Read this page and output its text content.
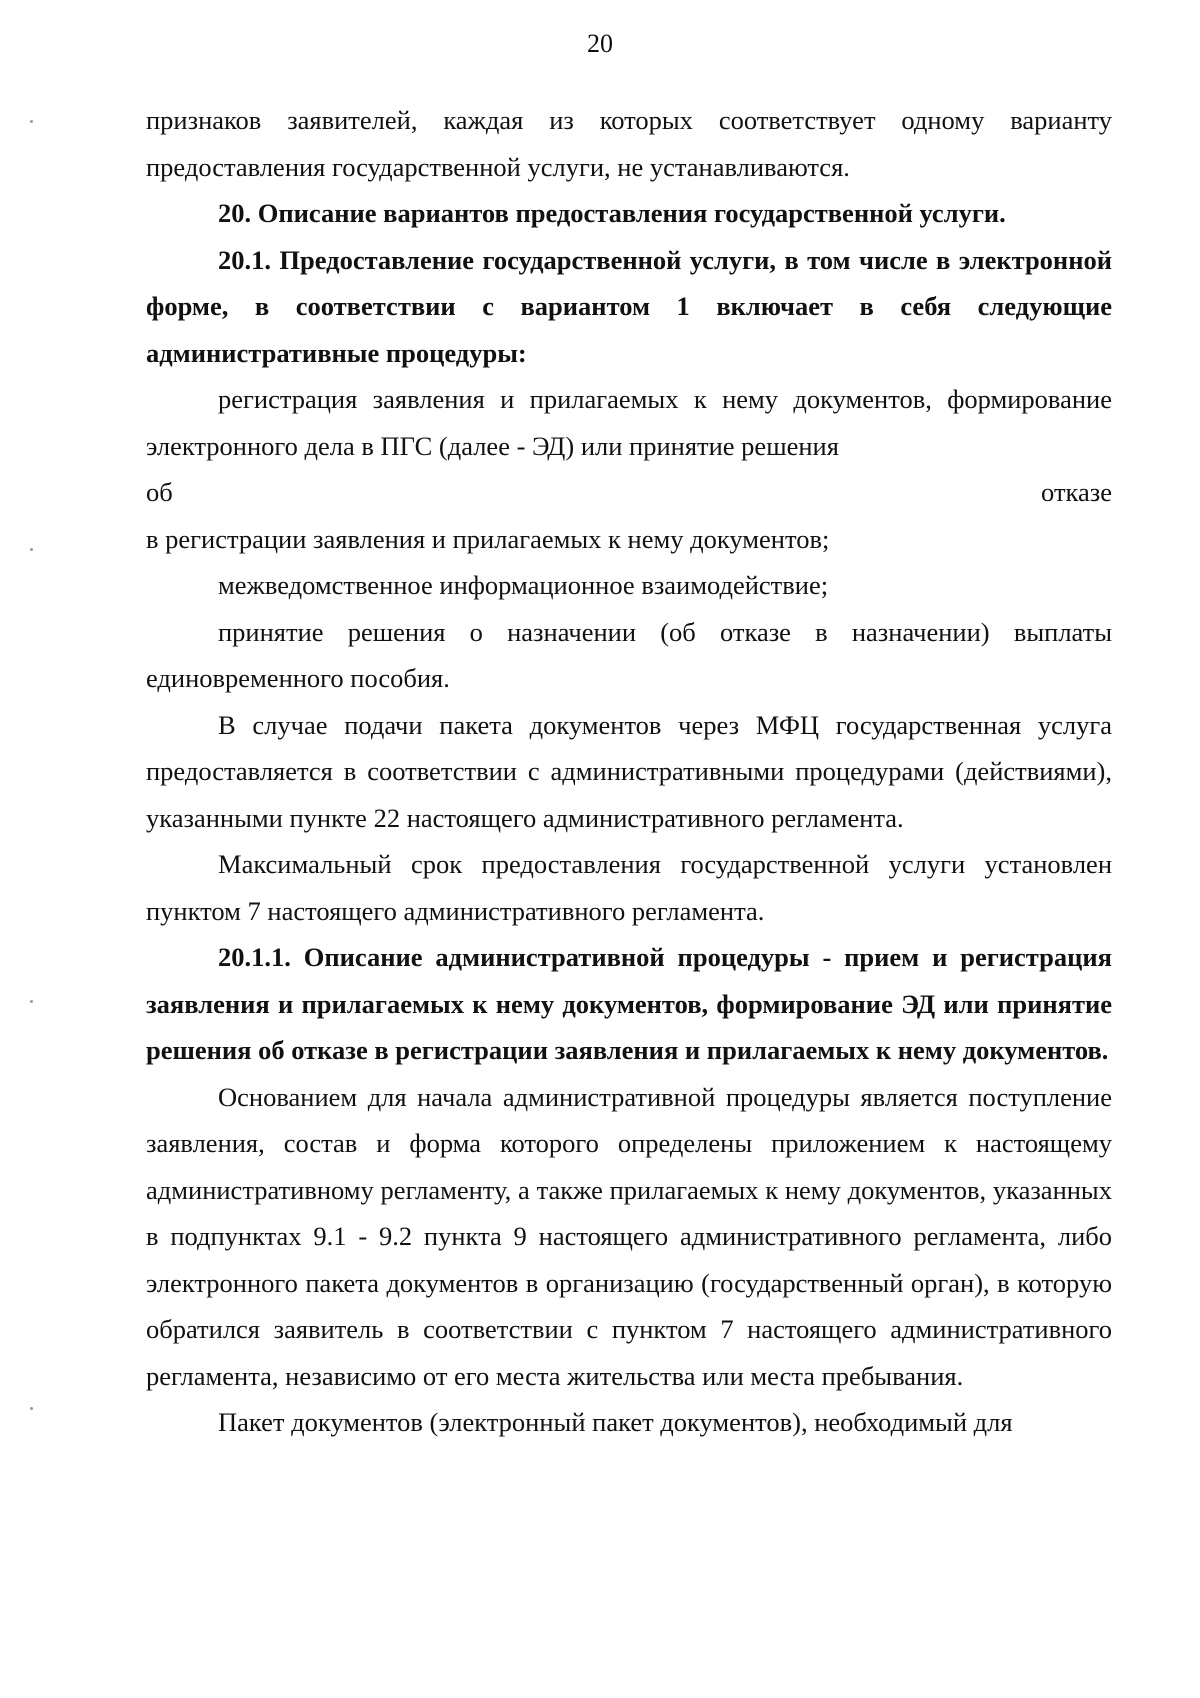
20

признаков заявителей, каждая из которых соответствует одному варианту предоставления государственной услуги, не устанавливаются.

20. Описание вариантов предоставления государственной услуги.

20.1. Предоставление государственной услуги, в том числе в электронной форме, в соответствии с вариантом 1 включает в себя следующие административные процедуры:

регистрация заявления и прилагаемых к нему документов, формирование электронного дела в ПГС (далее - ЭД) или принятие решения

об	отказе

в регистрации заявления и прилагаемых к нему документов;

межведомственное информационное взаимодействие;

принятие решения о назначении (об отказе в назначении) выплаты единовременного пособия.

В случае подачи пакета документов через МФЦ государственная услуга предоставляется в соответствии с административными процедурами (действиями), указанными пункте 22 настоящего административного регламента.

Максимальный срок предоставления государственной услуги установлен пунктом 7 настоящего административного регламента.

20.1.1. Описание административной процедуры - прием и регистрация заявления и прилагаемых к нему документов, формирование ЭД или принятие решения об отказе в регистрации заявления и прилагаемых к нему документов.

Основанием для начала административной процедуры является поступление заявления, состав и форма которого определены приложением к настоящему административному регламенту, а также прилагаемых к нему документов, указанных в подпунктах 9.1 - 9.2 пункта 9 настоящего административного регламента, либо электронного пакета документов в организацию (государственный орган), в которую обратился заявитель в соответствии с пунктом 7 настоящего административного регламента, независимо от его места жительства или места пребывания.

Пакет документов (электронный пакет документов), необходимый для
